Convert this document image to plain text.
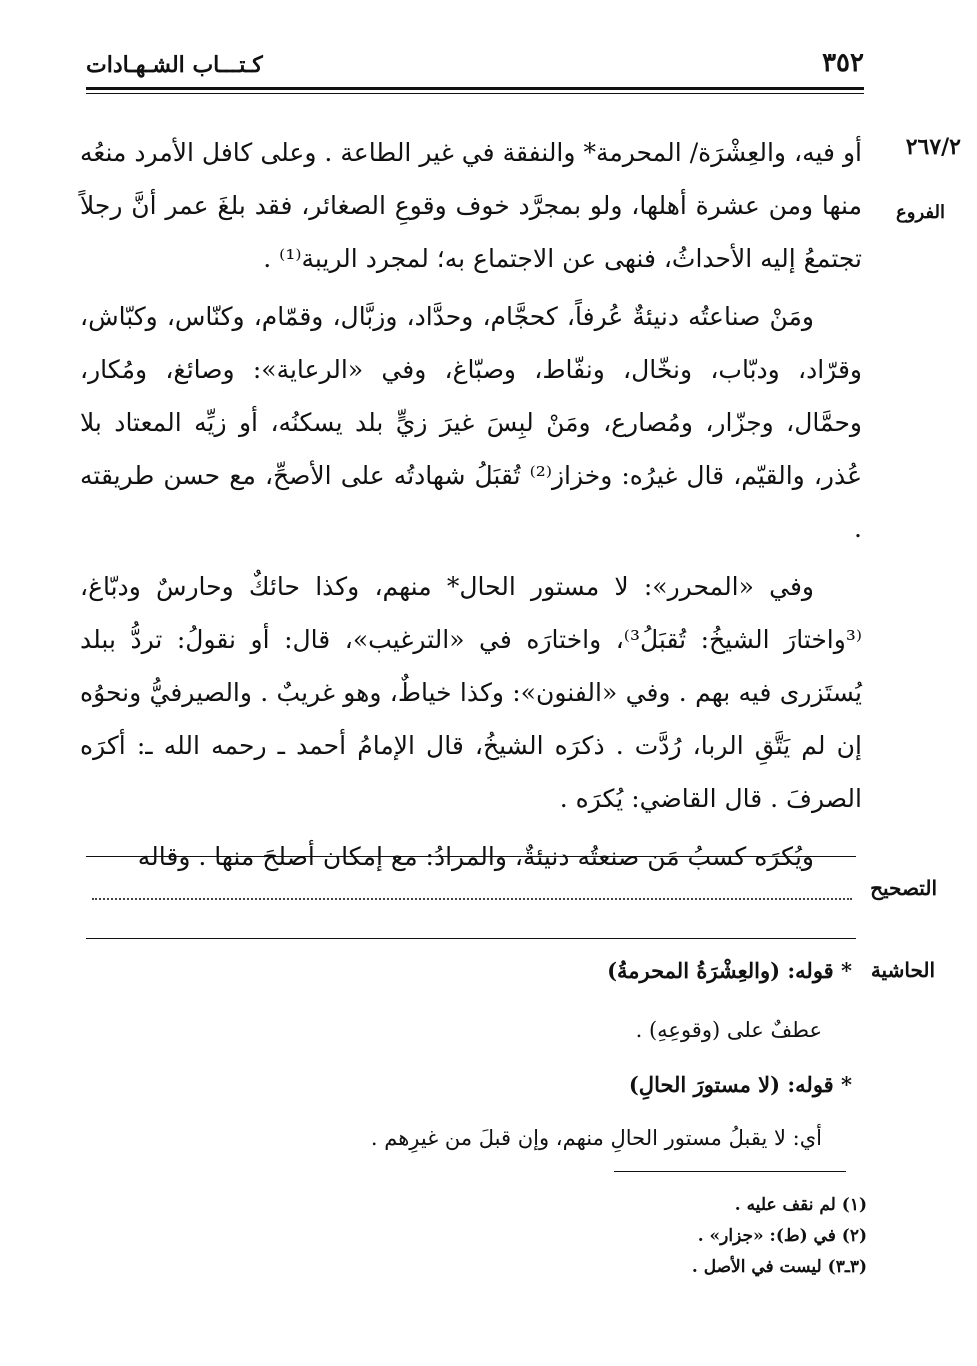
كـتـــاب الشـهـادات	٣٥٢
٢٦٧/٢
الفروع

أو فيه، والعِشْرَة/ المحرمة* والنفقة في غير الطاعة . وعلى كافل الأمرد منعُه منها ومن عشرة أهلها، ولو بمجرَّد خوف وقوعِ الصغائر، فقد بلغَ عمر أنَّ رجلاً تجتمعُ إليه الأحداثُ، فنهى عن الاجتماع به؛ لمجرد الريبة⁽¹⁾ .

ومَنْ صناعتُه دنيئةٌ عُرفاً، كحجَّام، وحدَّاد، وزبَّال، وقمّام، وكنّاس، وكبّاش، وقرّاد، ودبّاب، ونخّال، ونفّاط، وصبّاغ، وفي «الرعاية»: وصائغ، ومُكار، وحمَّال، وجزّار، ومُصارع، ومَنْ لبِسَ غيرَ زيٍّ بلد يسكنُه، أو زيِّه المعتاد بلا عُذر، والقيّم، قال غيرُه: وخزاز⁽²⁾ تُقبَلُ شهادتُه على الأصحِّ، مع حسن طريقته .

وفي «المحرر»: لا مستور الحال* منهم، وكذا حائكٌ وحارسٌ ودبّاغ، ⁽³واختارَ الشيخُ: تُقبَلُ³⁾، واختارَه في «الترغيب»، قال: أو نقولُ: تردُّ ببلد يُستَزرى فيه بهم . وفي «الفنون»: وكذا خياطٌ، وهو غريبٌ . والصيرفيُّ ونحوُه إن لم يَتَّقِ الربا، رُدَّت . ذكرَه الشيخُ، قال الإمامُ أحمد ـ رحمه الله ـ: أكرَه الصرفَ . قال القاضي: يُكرَه .

ويُكرَه كسبُ مَن صنعتُه دنيئةٌ، والمرادُ: مع إمكان أصلحَ منها . وقاله

التصحيح
الحاشية
* قوله: (والعِشْرَةُ المحرمةُ)
عطفٌ على (وقوعِهِ) .
* قوله: (لا مستورَ الحالِ)
أي: لا يقبلُ مستور الحالِ منهم، وإن قبلَ من غيرِهم .
(١) لم نقف عليه .
(٢) في (ط): «جزار» .
(٣ـ٣) ليست في الأصل .
